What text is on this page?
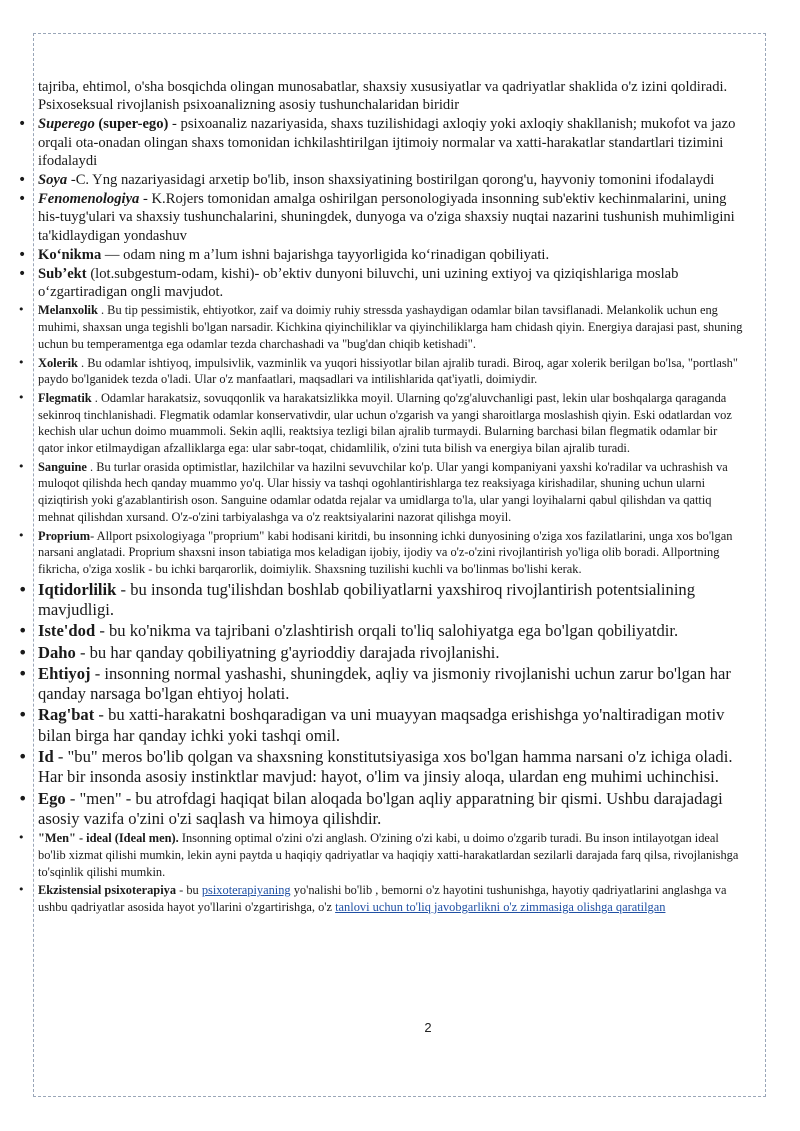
tajriba, ehtimol, o'sha bosqichda olingan munosabatlar, shaxsiy xususiyatlar va qadriyatlar shaklida o'z izini qoldiradi. Psixoseksual rivojlanish psixoanalizning asosiy tushunchalaridan biridir

• Superego (super-ego) - psixoanaliz nazariyasida, shaxs tuzilishidagi axloqiy yoki axloqiy shakllanish; mukofot va jazo orqali ota-onadan olingan shaxs tomonidan ichkilashtirilgan ijtimoiy normalar va xatti-harakatlar standartlari tizimini ifodalaydi
• Soya -C. Yng nazariyasidagi arxetip bo'lib, inson shaxsiyatining bostirilgan qorong'u, hayvoniy tomonini ifodalaydi
• Fenomenologiya - K.Rojers tomonidan amalga oshirilgan personologiyada insonning sub'ektiv kechinmalarini, uning his-tuyg'ulari va shaxsiy tushunchalarini, shuningdek, dunyoga va o'ziga shaxsiy nuqtai nazarini tushunish muhimligini ta'kidlaydigan yondashuv
• Koʻnikma — odam ning m aʼlum ishni bajarishga tayyorligida koʻrinadigan qobiliyati.
• Subʼekt (lot.subgestum-odam, kishi)- obʼektiv dunyoni biluvchi, uni uzining extiyoj va qiziqishlariga moslab oʻzgartiradigan ongli mavjudot.
• Melanxolik . Bu tip pessimistik, ehtiyotkor, zaif va doimiy ruhiy stressda yashaydigan odamlar bilan tavsiflanadi. Melankolik uchun eng muhimi, shaxsan unga tegishli bo'lgan narsadir. Kichkina qiyinchiliklar va qiyinchiliklarga ham chidash qiyin. Energiya darajasi past, shuning uchun bu temperamentga ega odamlar tezda charchashadi va "bug'dan chiqib ketishadi".
• Xolerik . Bu odamlar ishtiyoq, impulsivlik, vazminlik va yuqori hissiyotlar bilan ajralib turadi. Biroq, agar xolerik berilgan bo'lsa, "portlash" paydo bo'lganidek tezda o'ladi. Ular o'z manfaatlari, maqsadlari va intilishlarida qat'iyatli, doimiydir.
• Flegmatik . Odamlar harakatsiz, sovuqqonlik va harakatsizlikka moyil. Ularning qo'zg'aluvchanligi past, lekin ular boshqalarga qaraganda sekinroq tinchlanishadi. Flegmatik odamlar konservativdir, ular uchun o'zgarish va yangi sharoitlarga moslashish qiyin. Eski odatlardan voz kechish ular uchun doimo muammoli. Sekin aqlli, reaktsiya tezligi bilan ajralib turmaydi. Bularning barchasi bilan flegmatik odamlar bir qator inkor etilmaydigan afzalliklarga ega: ular sabr-toqat, chidamlilik, o'zini tuta bilish va energiya bilan ajralib turadi.
• Sanguine . Bu turlar orasida optimistlar, hazilchilar va hazilni sevuvchilar ko'p. Ular yangi kompaniyani yaxshi ko'radilar va uchrashish va muloqot qilishda hech qanday muammo yo'q. Ular hissiy va tashqi ogohlantirishlarga tez reaksiyaga kirishadilar, shuning uchun ularni qiziqtirish yoki g'azablantirish oson. Sanguine odamlar odatda rejalar va umidlarga to'la, ular yangi loyihalarni qabul qilishdan va qattiq mehnat qilishdan xursand. O'z-o'zini tarbiyalashga va o'z reaktsiyalarini nazorat qilishga moyil.
• Proprium- Allport psixologiyaga "proprium" kabi hodisani kiritdi, bu insonning ichki dunyosining o'ziga xos fazilatlarini, unga xos bo'lgan narsani anglatadi. Proprium shaxsni inson tabiatiga mos keladigan ijobiy, ijodiy va o'z-o'zini rivojlantirish yo'liga olib boradi. Allportning fikricha, o'ziga xoslik - bu ichki barqarorlik, doimiylik. Shaxsning tuzilishi kuchli va bo'linmas bo'lishi kerak.
• Iqtidorlilik - bu insonda tug'ilishdan boshlab qobiliyatlarni yaxshiroq rivojlantirish potentsialining mavjudligi.
• Iste'dod - bu ko'nikma va tajribani o'zlashtirish orqali to'liq salohiyatga ega bo'lgan qobiliyatdir.
• Daho - bu har qanday qobiliyatning g'ayrioddiy darajada rivojlanishi.
• Ehtiyoj - insonning normal yashashi, shuningdek, aqliy va jismoniy rivojlanishi uchun zarur bo'lgan har qanday narsaga bo'lgan ehtiyoj holati.
• Rag'bat - bu xatti-harakatni boshqaradigan va uni muayyan maqsadga erishishga yo'naltiradigan motiv bilan birga har qanday ichki yoki tashqi omil.
• Id - "bu" meros bo'lib qolgan va shaxsning konstitutsiyasiga xos bo'lgan hamma narsani o'z ichiga oladi. Har bir insonda asosiy instinktlar mavjud: hayot, o'lim va jinsiy aloqa, ulardan eng muhimi uchinchisi.
• Ego - "men" - bu atrofdagi haqiqat bilan aloqada bo'lgan aqliy apparatning bir qismi. Ushbu darajadagi asosiy vazifa o'zini o'zi saqlash va himoya qilishdir.
• "Men" - ideal (Ideal men). Insonning optimal o'zini o'zi anglash. O'zining o'zi kabi, u doimo o'zgarib turadi. Bu inson intilayotgan ideal bo'lib xizmat qilishi mumkin, lekin ayni paytda u haqiqiy qadriyatlar va haqiqiy xatti-harakatlardan sezilarli darajada farq qilsa, rivojlanishga to'sqinlik qilishi mumkin.
• Ekzistensial psixoterapiya - bu psixoterapiyaning yo'nalishi bo'lib , bemorni o'z hayotini tushunishga, hayotiy qadriyatlarini anglashga va ushbu qadriyatlar asosida hayot yo'llarini o'zgartirishga, o'z tanlovi uchun to'liq javobgarlikni o'z zimmasiga olishga qaratilgan
2
